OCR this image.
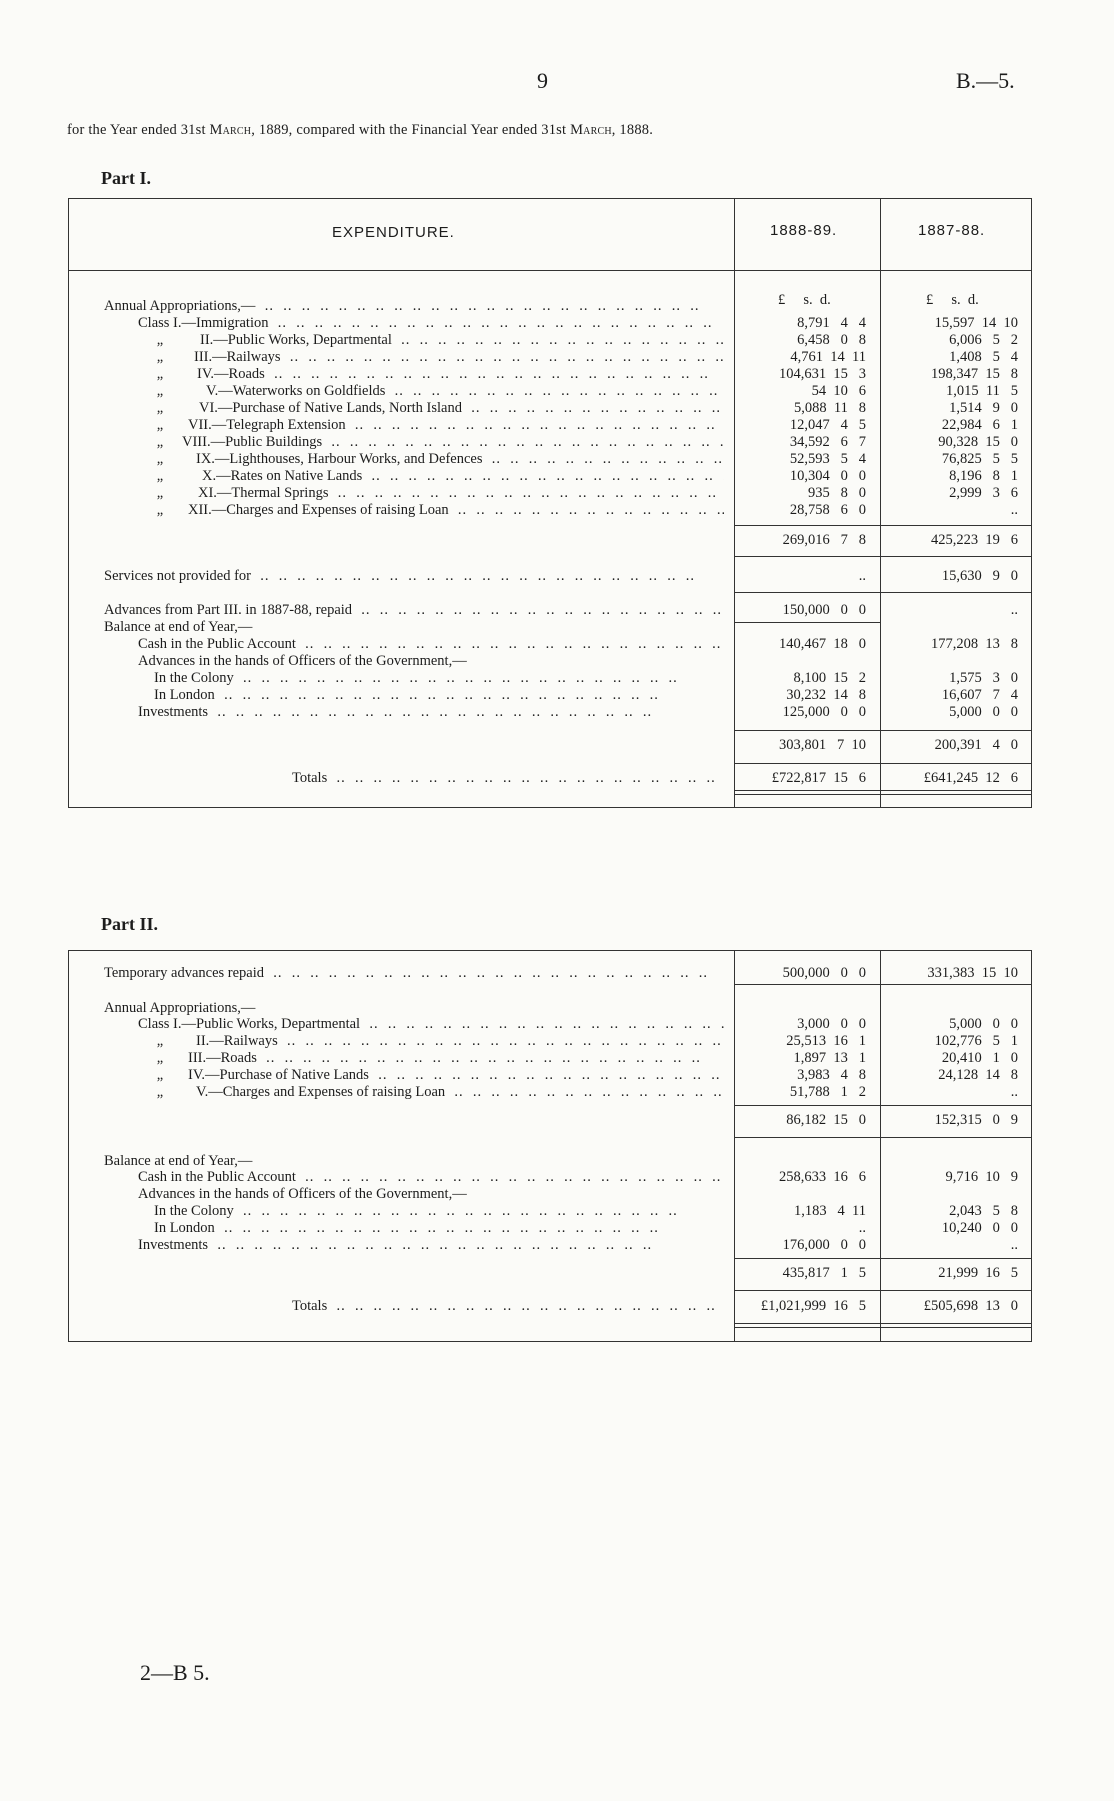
9	B.—5.
for the Year ended 31st March, 1889, compared with the Financial Year ended 31st March, 1888.
Part I.
EXPENDITURE.	1888-89.	1887-88.
£     s.  d.	£     s.  d.
Annual Appropriations,— .. .
Class I.—Immigration .. .	8,791   4   4	15,597  14  10
„	II.—Public Works, Departmental .. .	6,458   0   8	6,006   5   2
„	III.—Railways .. .	4,761  14  11	1,408   5   4
„	IV.—Roads .. .	104,631  15   3	198,347  15   8
„	V.—Waterworks on Goldfields .. .	54  10   6	1,015  11   5
„	VI.—Purchase of Native Lands, North Island .. .	5,088  11   8	1,514   9   0
„	VII.—Telegraph Extension .. .	12,047   4   5	22,984   6   1
„	VIII.—Public Buildings .. .	34,592   6   7	90,328  15   0
„	IX.—Lighthouses, Harbour Works, and Defences .. .	52,593   5   4	76,825   5   5
„	X.—Rates on Native Lands .. .	10,304   0   0	8,196   8   1
„	XI.—Thermal Springs .. .	935   8   0	2,999   3   6
„	XII.—Charges and Expenses of raising Loan .. .	28,758   6   0	..
269,016   7   8	425,223  19   6
Services not provided for .. .	..	15,630   9   0
Advances from Part III. in 1887-88, repaid .. .	150,000   0   0	..
Balance at end of Year,—
Cash in the Public Account .. .	140,467  18   0	177,208  13   8
Advances in the hands of Officers of the Government,—
In the Colony .. .	8,100  15   2	1,575   3   0
In London .. .	30,232  14   8	16,607   7   4
Investments .. .	125,000   0   0	5,000   0   0
303,801   7  10	200,391   4   0
Totals .. .	£722,817  15   6	£641,245  12   6
Part II.
Temporary advances repaid .. .	500,000   0   0	331,383  15  10
Annual Appropriations,—
Class I.—Public Works, Departmental .. .	3,000   0   0	5,000   0   0
„	II.—Railways .. .	25,513  16   1	102,776   5   1
„	III.—Roads .. .	1,897  13   1	20,410   1   0
„	IV.—Purchase of Native Lands .. .	3,983   4   8	24,128  14   8
„	V.—Charges and Expenses of raising Loan .. .	51,788   1   2	..
86,182  15   0	152,315   0   9
Balance at end of Year,—
Cash in the Public Account .. .	258,633  16   6	9,716  10   9
Advances in the hands of Officers of the Government,—
In the Colony .. .	1,183   4  11	2,043   5   8
In London .. .	..	10,240   0   0
Investments .. .	176,000   0   0	..
435,817   1   5	21,999  16   5
Totals .. .	£1,021,999  16   5	£505,698  13   0
2—B 5.
